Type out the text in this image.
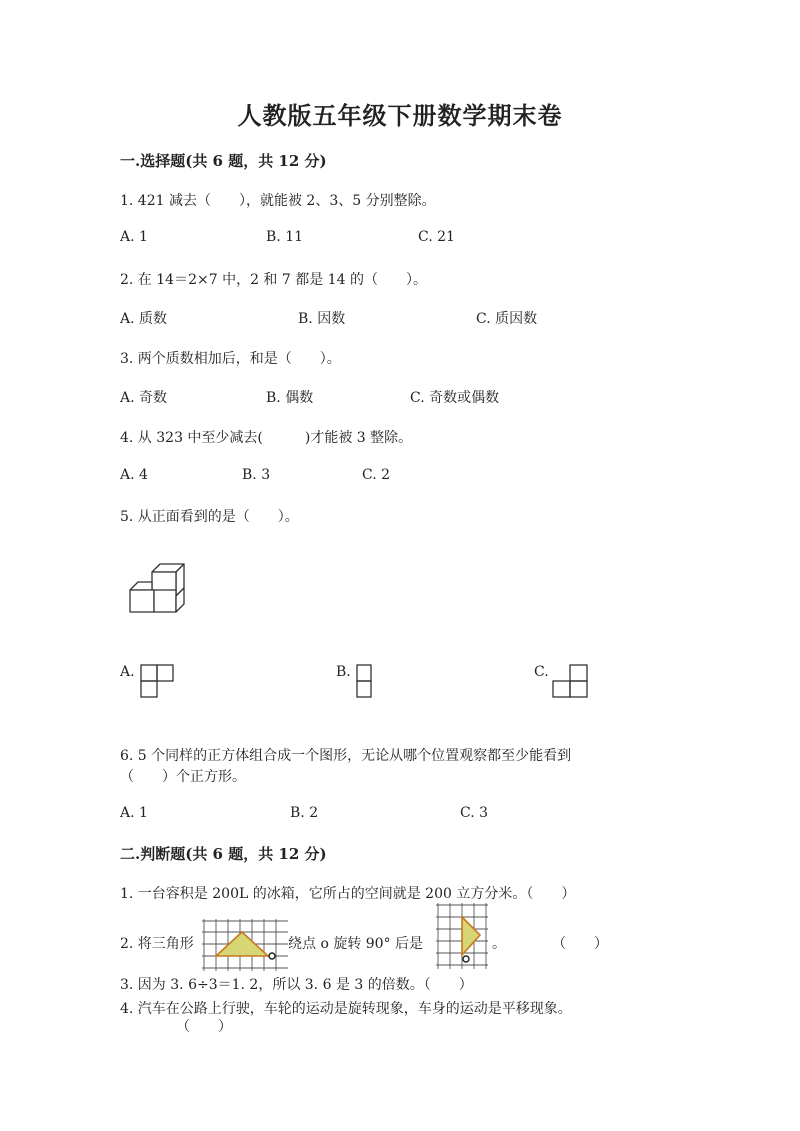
人教版五年级下册数学期末卷
一.选择题(共 6 题，共 12 分)
1. 421 减去（　　），就能被 2、3、5 分别整除。
A. 1	B. 11	C. 21
2. 在 14＝2×7 中，2 和 7 都是 14 的（　　）。
A. 质数	B. 因数	C. 质因数
3. 两个质数相加后，和是（　　）。
A. 奇数	B. 偶数	C. 奇数或偶数
4. 从 323 中至少减去(　　　)才能被 3 整除。
A. 4	B. 3	C. 2
5. 从正面看到的是（　　）。
A.	B.	C.
6. 5 个同样的正方体组合成一个图形，无论从哪个位置观察都至少能看到
（　　）个正方形。
A. 1	B. 2	C. 3
二.判断题(共 6 题，共 12 分)
1. 一台容积是 200L 的冰箱，它所占的空间就是 200 立方分米。（　　）
2. 将三角形	绕点 o 旋转 90° 后是	。	（　　）
3. 因为 3. 6÷3＝1. 2，所以 3. 6 是 3 的倍数。（　　）
4. 汽车在公路上行驶，车轮的运动是旋转现象，车身的运动是平移现象。
（　　）
